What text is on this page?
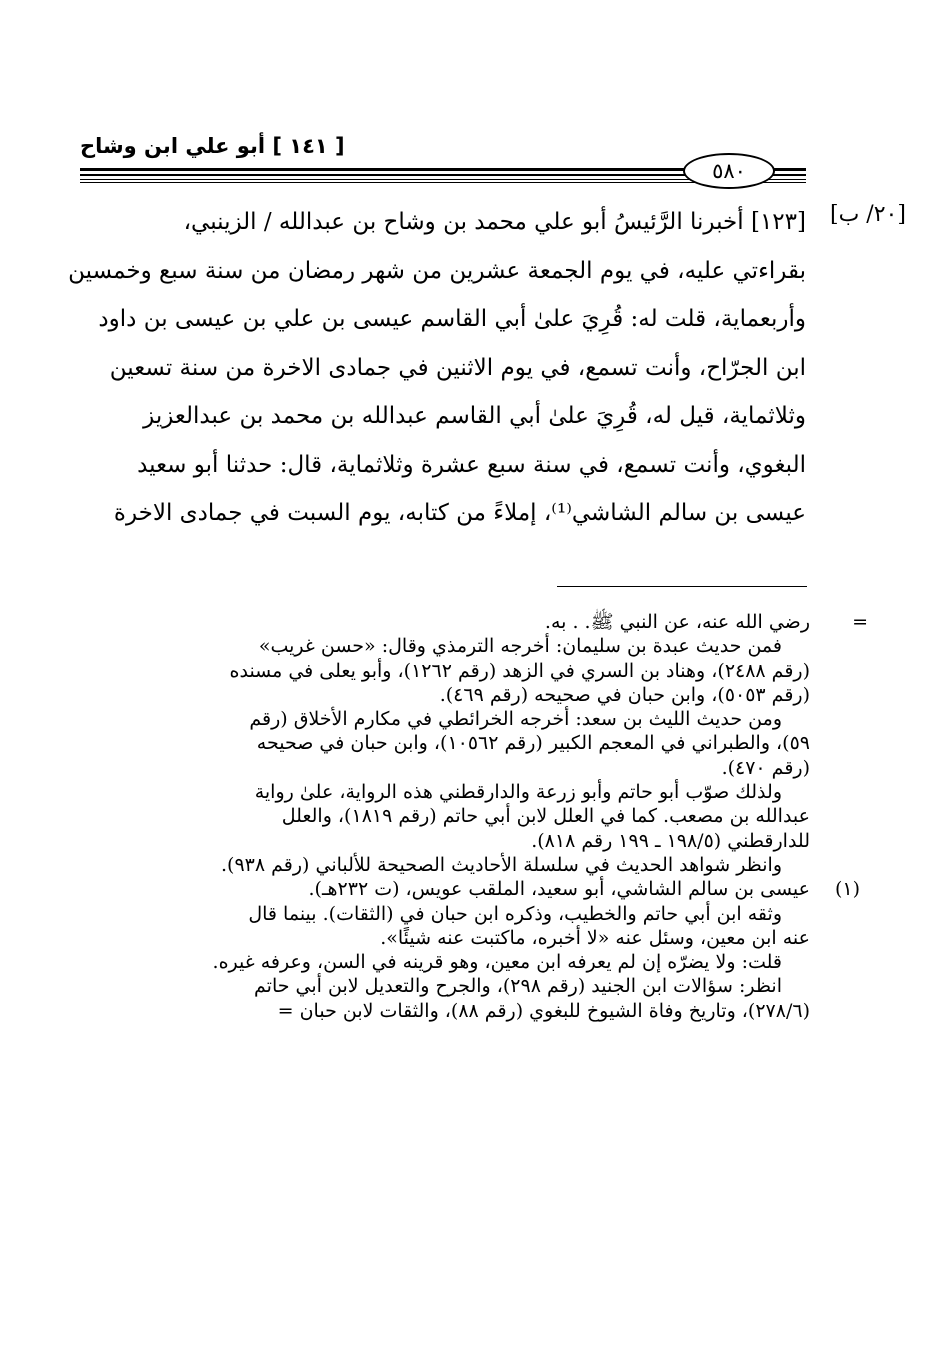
[ ١٤١ ] أبو علي ابن وشاح
٥٨٠
[٢٠/ ب]
[١٢٣] أخبرنا الرَّئيسُ أبو علي محمد بن وشاح بن عبدالله / الزينبي،
بقراءتي عليه، في يوم الجمعة عشرين من شهر رمضان من سنة سبع وخمسين
وأربعماية، قلت له: قُرِيَ علىٰ أبي القاسم عيسى بن علي بن عيسى بن داود
ابن الجرّاح، وأنت تسمع، في يوم الاثنين في جمادى الاخرة من سنة تسعين
وثلاثماية، قيل له، قُرِيَ علىٰ أبي القاسم عبدالله بن محمد بن عبدالعزيز
البغوي، وأنت تسمع، في سنة سبع عشرة وثلاثماية، قال: حدثنا أبو سعيد
عيسى بن سالم الشاشي⁽¹⁾، إملاءً من كتابه، يوم السبت في جمادى الاخرة
=
رضي الله عنه، عن النبي ﷺ. . به.
فمن حديث عبدة بن سليمان: أخرجه الترمذي وقال: «حسن غريب»
(رقم ٢٤٨٨)، وهناد بن السري في الزهد (رقم ١٢٦٢)، وأبو يعلى في مسنده
(رقم ٥٠٥٣)، وابن حبان في صحيحه (رقم ٤٦٩).
ومن حديث الليث بن سعد: أخرجه الخرائطي في مكارم الأخلاق (رقم
٥٩)، والطبراني في المعجم الكبير (رقم ١٠٥٦٢)، وابن حبان في صحيحه
(رقم ٤٧٠).
ولذلك صوّب أبو حاتم وأبو زرعة والدارقطني هذه الرواية، علىٰ رواية
عبدالله بن مصعب. كما في العلل لابن أبي حاتم (رقم ١٨١٩)، والعلل
للدارقطني (١٩٨/٥ ـ ١٩٩ رقم ٨١٨).
وانظر شواهد الحديث في سلسلة الأحاديث الصحيحة للألباني (رقم ٩٣٨).
(١)
عيسى بن سالم الشاشي، أبو سعيد، الملقب عويس، (ت ٢٣٢هـ).
وثقه ابن أبي حاتم والخطيب، وذكره ابن حبان في (الثقات). بينما قال
عنه ابن معين، وسئل عنه «لا أخبره، ماكتبت عنه شيئًا».
قلت: ولا يضرّه إن لم يعرفه ابن معين، وهو قرينه في السن، وعرفه غيره.
انظر: سؤالات ابن الجنيد (رقم ٢٩٨)، والجرح والتعديل لابن أبي حاتم
(٢٧٨/٦)، وتاريخ وفاة الشيوخ للبغوي (رقم ٨٨)، والثقات لابن حبان =
